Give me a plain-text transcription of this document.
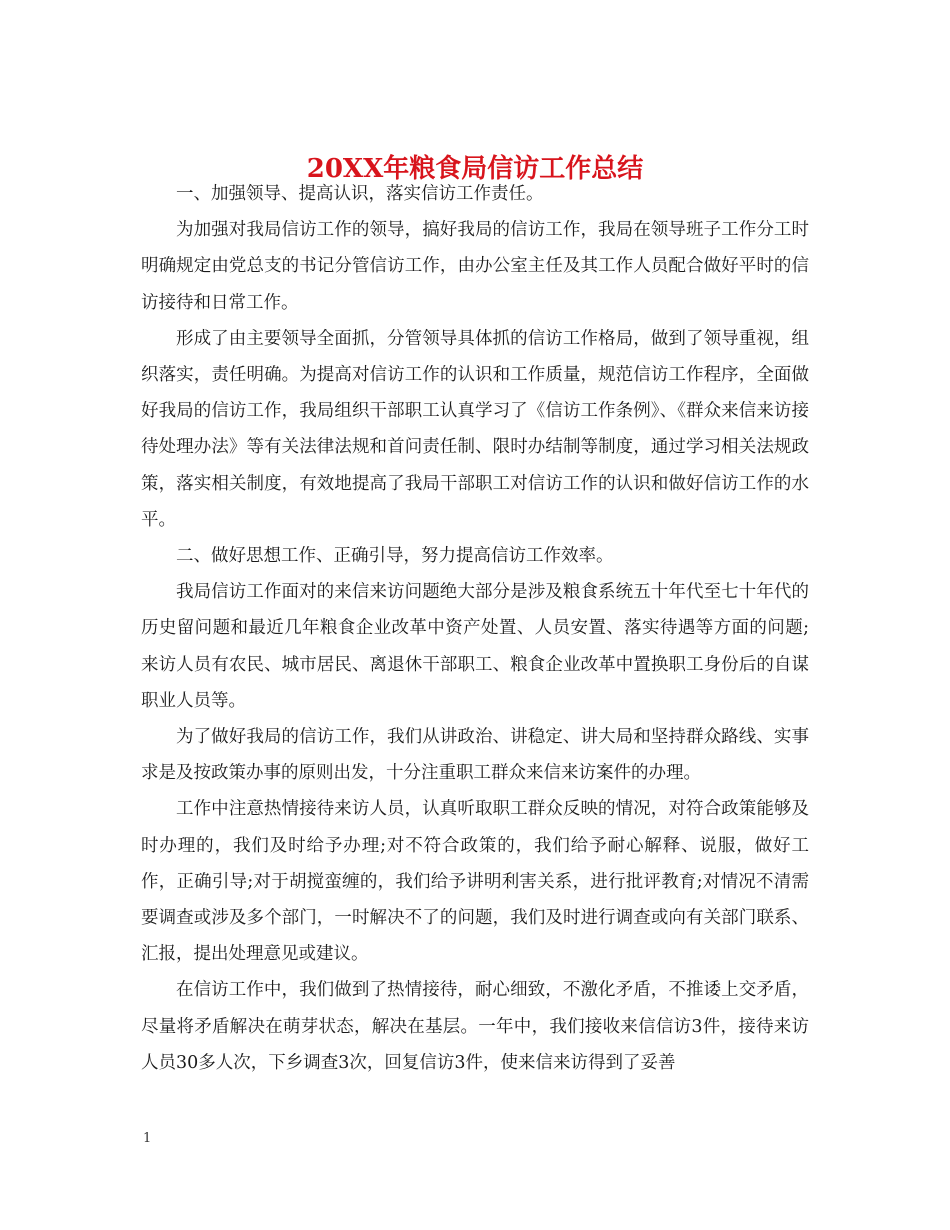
20XX年粮食局信访工作总结

一、加强领导、提高认识，落实信访工作责任。

为加强对我局信访工作的领导，搞好我局的信访工作，我局在领导班子工作分工时明确规定由党总支的书记分管信访工作，由办公室主任及其工作人员配合做好平时的信访接待和日常工作。

形成了由主要领导全面抓，分管领导具体抓的信访工作格局，做到了领导重视，组织落实，责任明确。为提高对信访工作的认识和工作质量，规范信访工作程序，全面做好我局的信访工作，我局组织干部职工认真学习了《信访工作条例》、《群众来信来访接待处理办法》等有关法律法规和首问责任制、限时办结制等制度，通过学习相关法规政策，落实相关制度，有效地提高了我局干部职工对信访工作的认识和做好信访工作的水平。

二、做好思想工作、正确引导，努力提高信访工作效率。

我局信访工作面对的来信来访问题绝大部分是涉及粮食系统五十年代至七十年代的历史留问题和最近几年粮食企业改革中资产处置、人员安置、落实待遇等方面的问题;来访人员有农民、城市居民、离退休干部职工、粮食企业改革中置换职工身份后的自谋职业人员等。

为了做好我局的信访工作，我们从讲政治、讲稳定、讲大局和坚持群众路线、实事求是及按政策办事的原则出发，十分注重职工群众来信来访案件的办理。

工作中注意热情接待来访人员，认真听取职工群众反映的情况，对符合政策能够及时办理的，我们及时给予办理;对不符合政策的，我们给予耐心解释、说服，做好工作，正确引导;对于胡搅蛮缠的，我们给予讲明利害关系，进行批评教育;对情况不清需要调查或涉及多个部门，一时解决不了的问题，我们及时进行调查或向有关部门联系、汇报，提出处理意见或建议。

在信访工作中，我们做到了热情接待，耐心细致，不激化矛盾，不推诿上交矛盾，尽量将矛盾解决在萌芽状态，解决在基层。一年中，我们接收来信信访3件，接待来访人员30多人次，下乡调查3次，回复信访3件，使来信来访得到了妥善

1
